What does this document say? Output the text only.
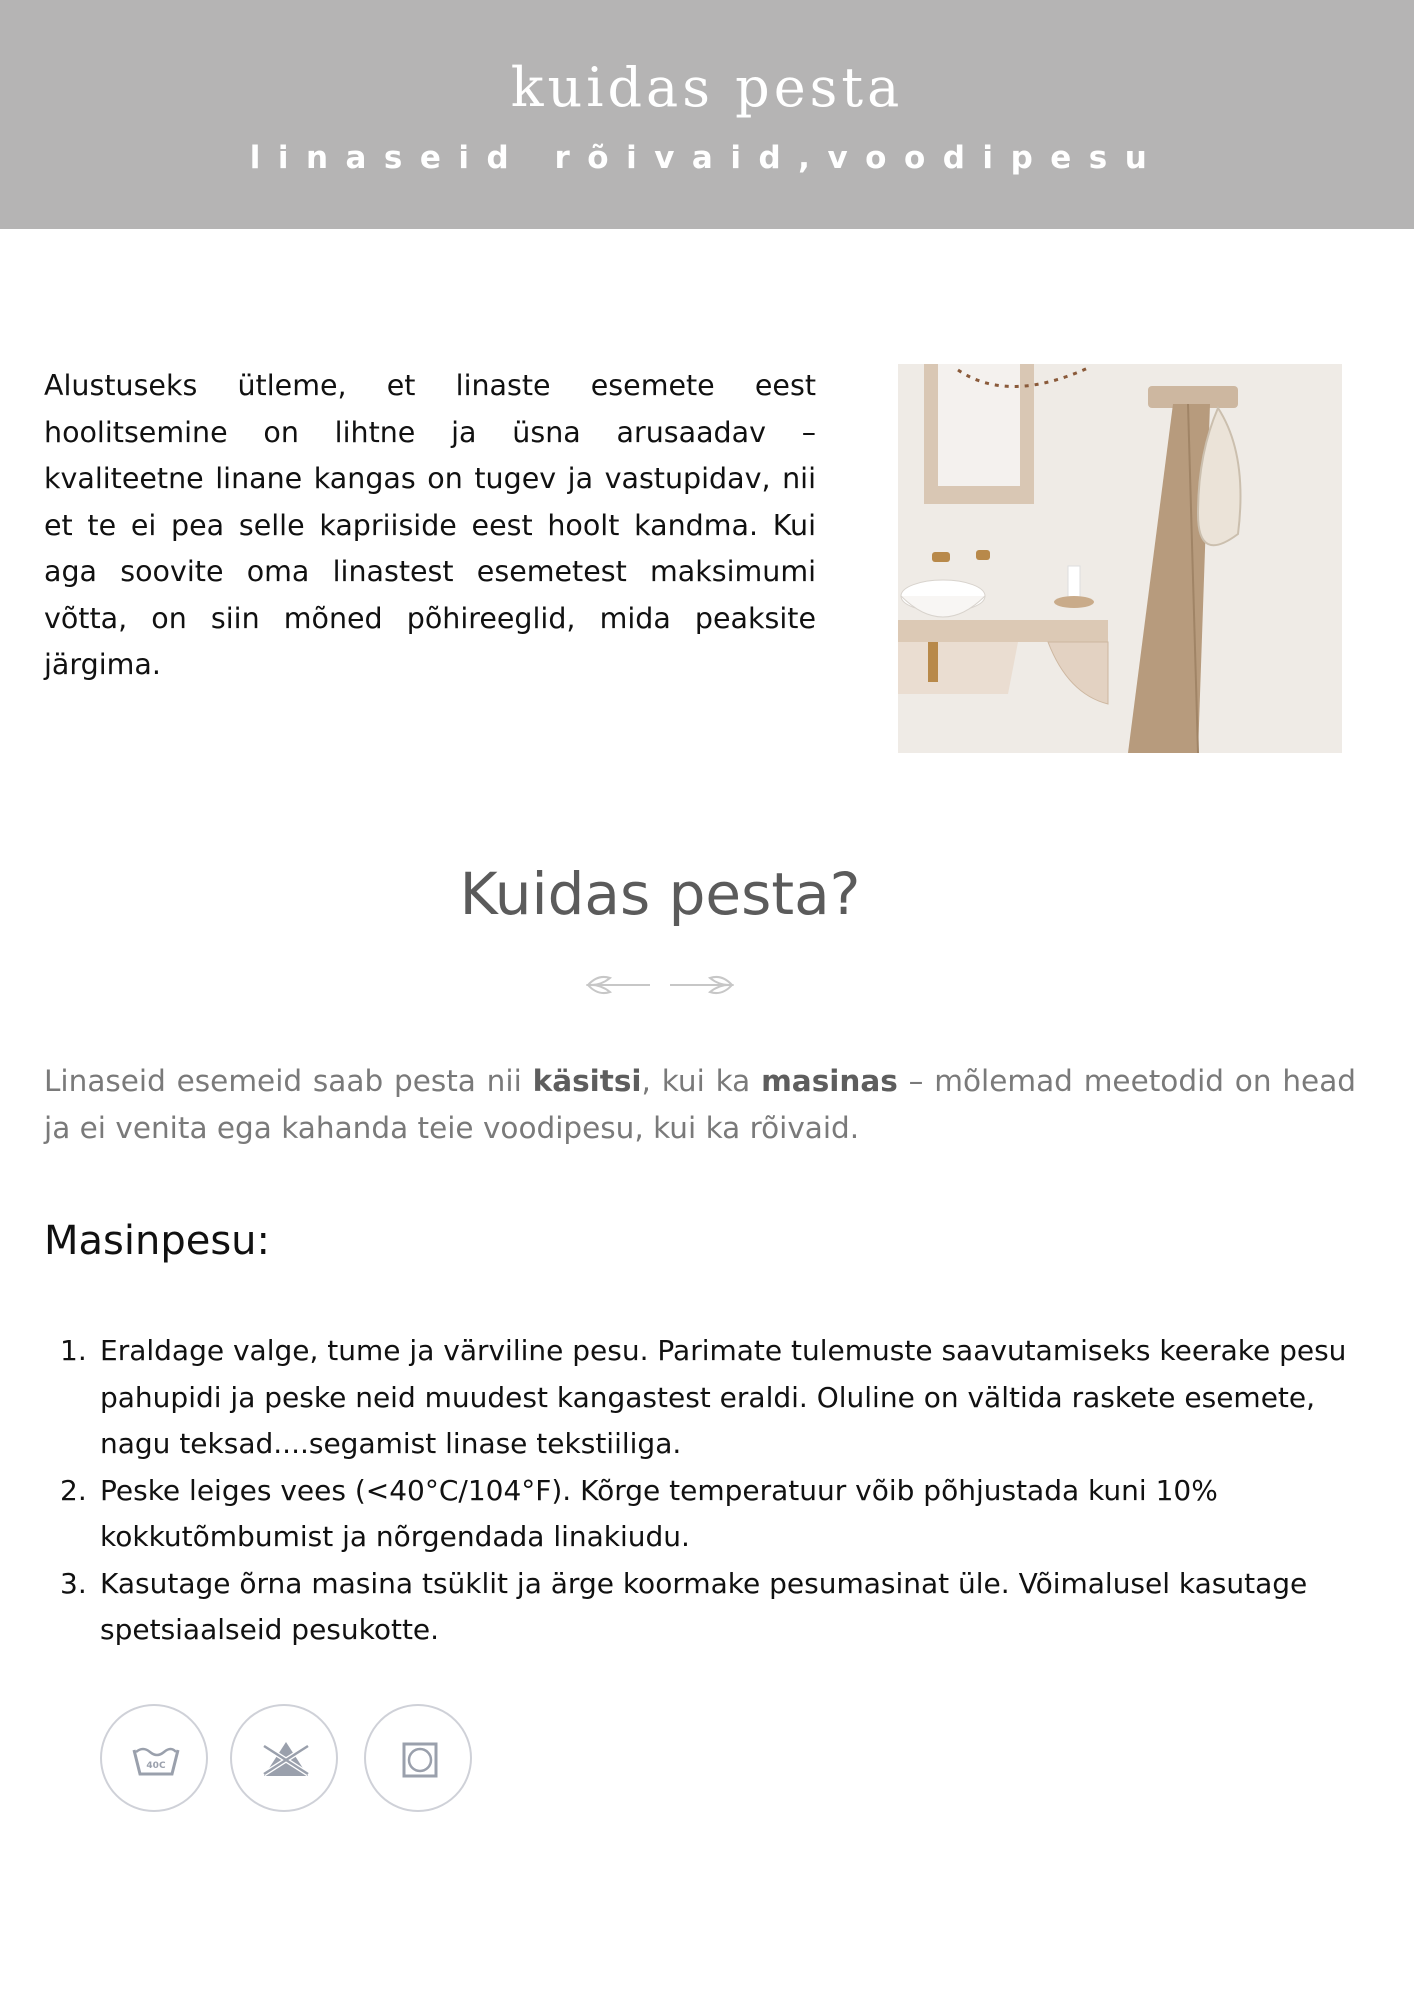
kuidas pesta
linaseid rõivaid,voodipesu
Alustuseks ütleme, et linaste esemete eest hoolitsemine on lihtne ja üsna arusaadav – kvaliteetne linane kangas on tugev ja vastupidav, nii et te ei pea selle kapriiside eest hoolt kandma. Kui aga soovite oma linastest esemetest maksimumi võtta, on siin mõned põhireeglid, mida peaksite järgima.
Kuidas pesta?
Linaseid esemeid saab pesta nii käsitsi, kui ka masinas – mõlemad meetodid on head ja ei venita ega kahanda teie voodipesu, kui ka rõivaid.
Masinpesu:
1. Eraldage valge, tume ja värviline pesu. Parimate tulemuste saavutamiseks keerake pesu pahupidi ja peske neid muudest kangastest eraldi. Oluline on vältida raskete esemete, nagu teksad....segamist linase tekstiiliga.
2. Peske leiges vees (<40°C/104°F). Kõrge temperatuur võib põhjustada kuni 10% kokkutõmbumist ja nõrgendada linakiudu.
3. Kasutage õrna masina tsüklit ja ärge koormake pesumasinat üle. Võimalusel kasutage spetsiaalseid pesukotte.
40C
